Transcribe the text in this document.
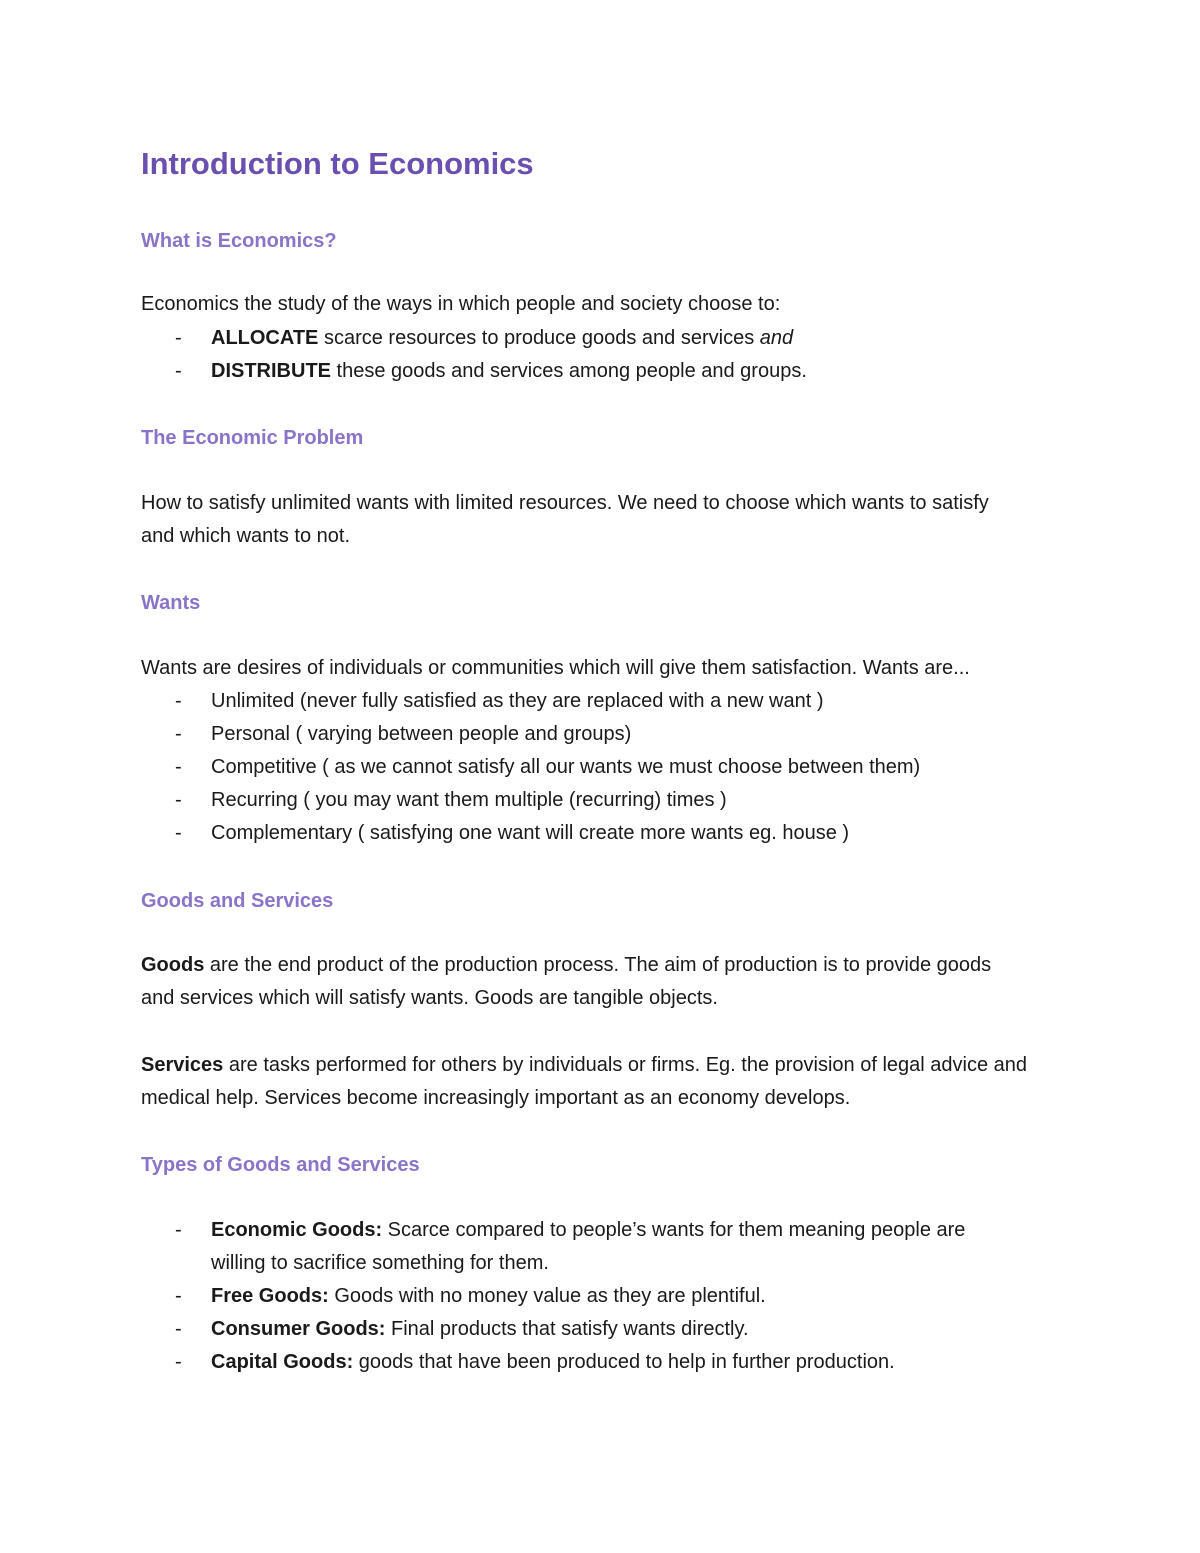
Introduction to Economics
What is Economics?

Economics the study of the ways in which people and society choose to:

-	ALLOCATE scarce resources to produce goods and services and
-	DISTRIBUTE these goods and services among people and groups.
The Economic Problem

How to satisfy unlimited wants with limited resources. We need to choose which wants to satisfy and which wants to not.

Wants

Wants are desires of individuals or communities which will give them satisfaction. Wants are...

-	Unlimited (never fully satisfied as they are replaced with a new want )
-	Personal ( varying between people and groups)
-	Competitive ( as we cannot satisfy all our wants we must choose between them)
-	Recurring ( you may want them multiple (recurring) times )
-	Complementary ( satisfying one want will create more wants eg. house )
Goods and Services

Goods are the end product of the production process. The aim of production is to provide goods and services which will satisfy wants. Goods are tangible objects.

Services are tasks performed for others by individuals or firms. Eg. the provision of legal advice and medical help. Services become increasingly important as an economy develops.

Types of Goods and Services
-	Economic Goods: Scarce compared to people’s wants for them meaning people are willing to sacrifice something for them.
-	Free Goods: Goods with no money value as they are plentiful.
-	Consumer Goods: Final products that satisfy wants directly.
-	Capital Goods: goods that have been produced to help in further production.
